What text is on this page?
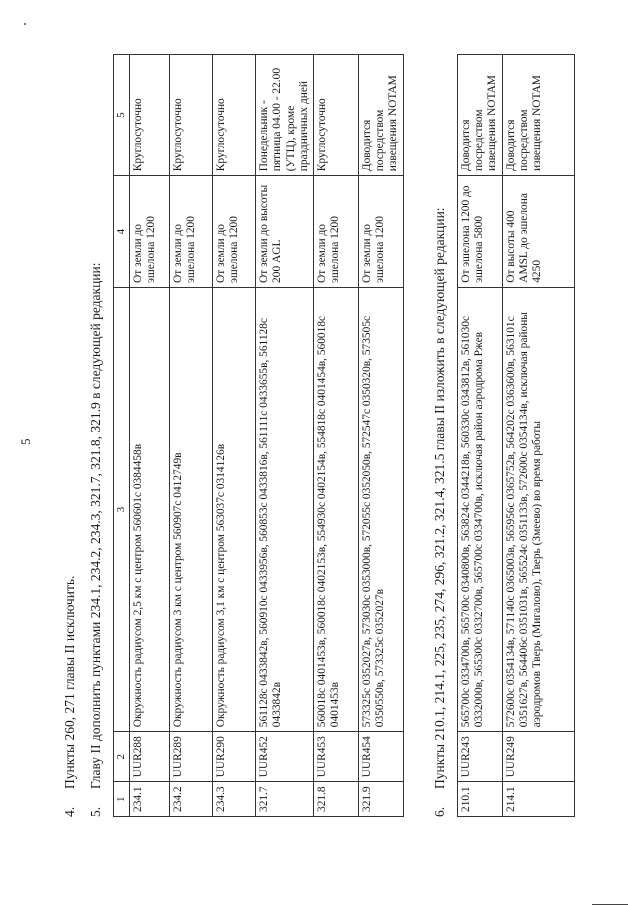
5
4.
Пункты 260, 271 главы II исключить.
5.
Главу II дополнить пунктами 234.1, 234.2, 234.3, 321.7, 321.8, 321.9 в следующей редакции:
1	2	3	4	5
234.1	UUR288	Окружность радиусом 2,5 км с центром 560601с 0384458в	От земли до эшелона 1200	Круглосуточно
234.2	UUR289	Окружность радиусом 3 км с центром 560907с 0412749в	От земли до эшелона 1200	Круглосуточно
234.3	UUR290	Окружность радиусом 3,1 км с центром 563037с 0314126в	От земли до эшелона 1200	Круглосуточно
321.7	UUR452	561128с 0433842в, 560910с 0433956в, 560853с 0433816в, 561111с 0433655в, 561128с 0433842в	От земли до высоты 200 AGL	Понедельник - пятница 04.00 - 22.00 (УТЦ), кроме праздничных дней
321.8	UUR453	560018с 0401453в, 560018с 0402153в, 554930с 0402154в, 554818с 0401454в, 560018с 0401453в	От земли до эшелона 1200	Круглосуточно
321.9	UUR454	573325с 0352027в, 573030с 0353000в, 572055с 0352050в, 572547с 0350320в, 573505с 0350550в, 573325с 0352027в	От земли до эшелона 1200	Доводится посредством извещения NOTAM
6.
Пункты 210.1, 214.1, 225, 235, 274, 296, 321.2, 321.4, 321.5 главы II изложить в следующей редакции:
210.1	UUR243	565700с 0334700в, 565700с 0340800в, 563824с 0344218в, 560330с 0343812в, 561030с 0332000в, 565300с 0332700в, 565700с 0334700в, исключая район аэродрома Ржев	От эшелона 1200 до эшелона 5800	Доводится посредством извещения NOTAM
214.1	UUR249	572600с 0354134в, 571140с 0365003в, 565956с 0365752в, 564202с 0363600в, 563101с 0351627в, 564406с 0351031в, 565524с 0351133в, 572600с 0354134в, исключая районы аэродромов Тверь (Мигалово), Тверь (Змеево) во время работы	От высоты 400 AMSL до эшелона 4250	Доводится посредством извещения NOTAM
